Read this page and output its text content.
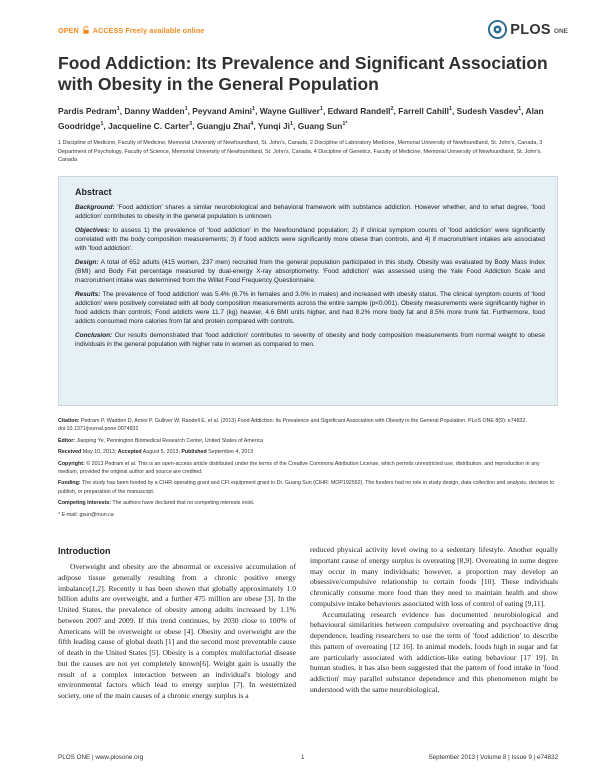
OPEN ACCESS Freely available online	PLOS ONE
Food Addiction: Its Prevalence and Significant Association with Obesity in the General Population
Pardis Pedram$^1$, Danny Wadden$^1$, Peyvand Amini$^1$, Wayne Gulliver$^1$, Edward Randell$^2$, Farrell Cahill$^1$, Sudesh Vasdev$^1$, Alan Goodridge$^1$, Jacqueline C. Carter$^3$, Guangju Zhai$^4$, Yunqi Ji$^1$, Guang Sun$^{1*}$
1 Discipline of Medicine, Faculty of Medicine, Memorial University of Newfoundland, St. John's, Canada, 2 Discipline of Laboratory Medicine, Memorial University of Newfoundland, St. John's, Canada, 3 Department of Psychology, Faculty of Science, Memorial University of Newfoundland, St. John's, Canada, 4 Discipline of Genetics, Faculty of Medicine, Memorial University of Newfoundland, St. John's, Canada
Abstract

Background: 'Food addiction' shares a similar neurobiological and behavioral framework with substance addiction. However whether, and to what degree, 'food addiction' contributes to obesity in the general population is unknown.

Objectives: to assess 1) the prevalence of 'food addiction' in the Newfoundland population; 2) if clinical symptom counts of 'food addiction' were significantly correlated with the body composition measurements; 3) if food addicts were significantly more obese than controls, and 4) if macronutrient intakes are associated with 'food addiction'.

Design: A total of 652 adults (415 women, 237 men) recruited from the general population participated in this study. Obesity was evaluated by Body Mass Index (BMI) and Body Fat percentage measured by dual-energy X-ray absorptiometry. 'Food addiction' was assessed using the Yale Food Addiction Scale and macronutrient intake was determined from the Willet Food Frequency Questionnaire.

Results: The prevalence of 'food addiction' was 5.4% (6.7% in females and 3.0% in males) and increased with obesity status. The clinical symptom counts of 'food addiction' were positively correlated with all body composition measurements across the entire sample (p<0.001). Obesity measurements were significantly higher in food addicts than controls; Food addicts were 11.7 (kg) heavier, 4.6 BMI units higher, and had 8.2% more body fat and 8.5% more trunk fat. Furthermore, food addicts consumed more calories from fat and protein compared with controls.

Conclusion: Our results demonstrated that 'food addiction' contributes to severity of obesity and body composition measurements from normal weight to obese individuals in the general population with higher rate in women as compared to men.

Citation: Pedram P, Wadden D, Amini P, Gulliver W, Randell E, et al. (2013) Food Addiction: Its Prevalence and Significant Association with Obesity in the General Population. PLoS ONE 8(9): e74832. doi:10.1371/journal.pone.0074832

Editor: Jianping Ye, Pennington Biomedical Research Center, United States of America

Received May 10, 2013; Accepted August 5, 2013; Published September 4, 2013

Copyright: © 2013 Pedram et al. This is an open-access article distributed under the terms of the Creative Commons Attribution License, which permits unrestricted use, distribution, and reproduction in any medium, provided the original author and source are credited.

Funding: The study has been funded by a CIHR operating grant and CFI equipment grant to Dr. Guang Sun (CIHR: MOP192552). The funders had no role in study design, data collection and analysis, decision to publish, or preparation of the manuscript.

Competing Interests: The authors have declared that no competing interests exist.

* E-mail: gsun@mun.ca

Introduction
Overweight and obesity are the abnormal or excessive accumulation of adipose tissue generally resulting from a chronic positive energy imbalance[1,2]. Recently it has been shown that globally approximately 1.0 billion adults are overweight, and a further 475 million are obese [3]. In the United States, the prevalence of obesity among adults increased by 1.1% between 2007 and 2009. If this trend continues, by 2030 close to 100% of Americans will be overweight or obese [4]. Obesity and overweight are the fifth leading cause of global death [1] and the second most preventable cause of death in the United States [5]. Obesity is a complex multifactorial disease but the causes are not yet completely known[6]. Weight gain is usually the result of a complex interaction between an individual's biology and environmental factors which lead to energy surplus [7]. In westernized society, one of the main causes of a chronic energy surplus is a

reduced physical activity level owing to a sedentary lifestyle. Another equally important cause of energy surplus is overeating [8,9]. Overeating in some degree may occur in many individuals; however, a proportion may develop an obsessive/compulsive relationship to certain foods [10]. These individuals chronically consume more food than they need to maintain health and show compulsive intake behaviours associated with loss of control of eating [9,11].

Accumulating research evidence has documented neurobiological and behavioural similarities between compulsive overeating and psychoactive drug dependence, leading researchers to use the term of 'food addiction' to describe this pattern of overeating [12 16]. In animal models, foods high in sugar and fat are particularly associated with addiction-like eating behaviour [17 19]. In human studies, it has also been suggested that the pattern of food intake in 'food addiction' may parallel substance dependence and this phenomenon might be understood with the same neurobiological,

PLOS ONE | www.plosone.org	1	September 2013 | Volume 8 | Issue 9 | e74832
